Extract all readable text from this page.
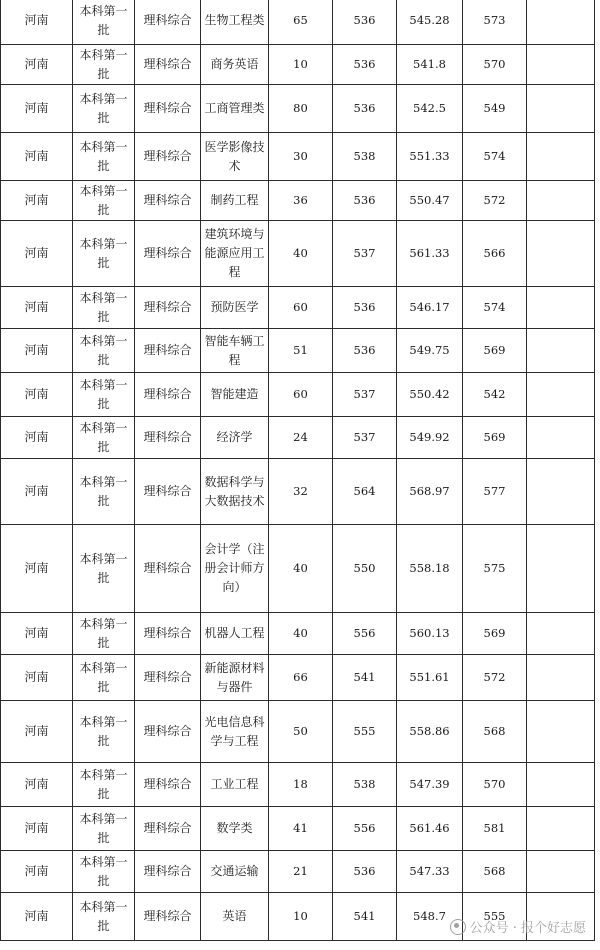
河南	本科第一批	理科综合	生物工程类	65	536	545.28	573	
河南	本科第一批	理科综合	商务英语	10	536	541.8	570	
河南	本科第一批	理科综合	工商管理类	80	536	542.5	549	
河南	本科第一批	理科综合	医学影像技术	30	538	551.33	574	
河南	本科第一批	理科综合	制药工程	36	536	550.47	572	
河南	本科第一批	理科综合	建筑环境与能源应用工程	40	537	561.33	566	
河南	本科第一批	理科综合	预防医学	60	536	546.17	574	
河南	本科第一批	理科综合	智能车辆工程	51	536	549.75	569	
河南	本科第一批	理科综合	智能建造	60	537	550.42	542	
河南	本科第一批	理科综合	经济学	24	537	549.92	569	
河南	本科第一批	理科综合	数据科学与大数据技术	32	564	568.97	577	
河南	本科第一批	理科综合	会计学（注册会计师方向）	40	550	558.18	575	
河南	本科第一批	理科综合	机器人工程	40	556	560.13	569	
河南	本科第一批	理科综合	新能源材料与器件	66	541	551.61	572	
河南	本科第一批	理科综合	光电信息科学与工程	50	555	558.86	568	
河南	本科第一批	理科综合	工业工程	18	538	547.39	570	
河南	本科第一批	理科综合	数学类	41	556	561.46	581	
河南	本科第一批	理科综合	交通运输	21	536	547.33	568	
河南	本科第一批	理科综合	英语	10	541	548.7	555	
公众号 · 报个好志愿
